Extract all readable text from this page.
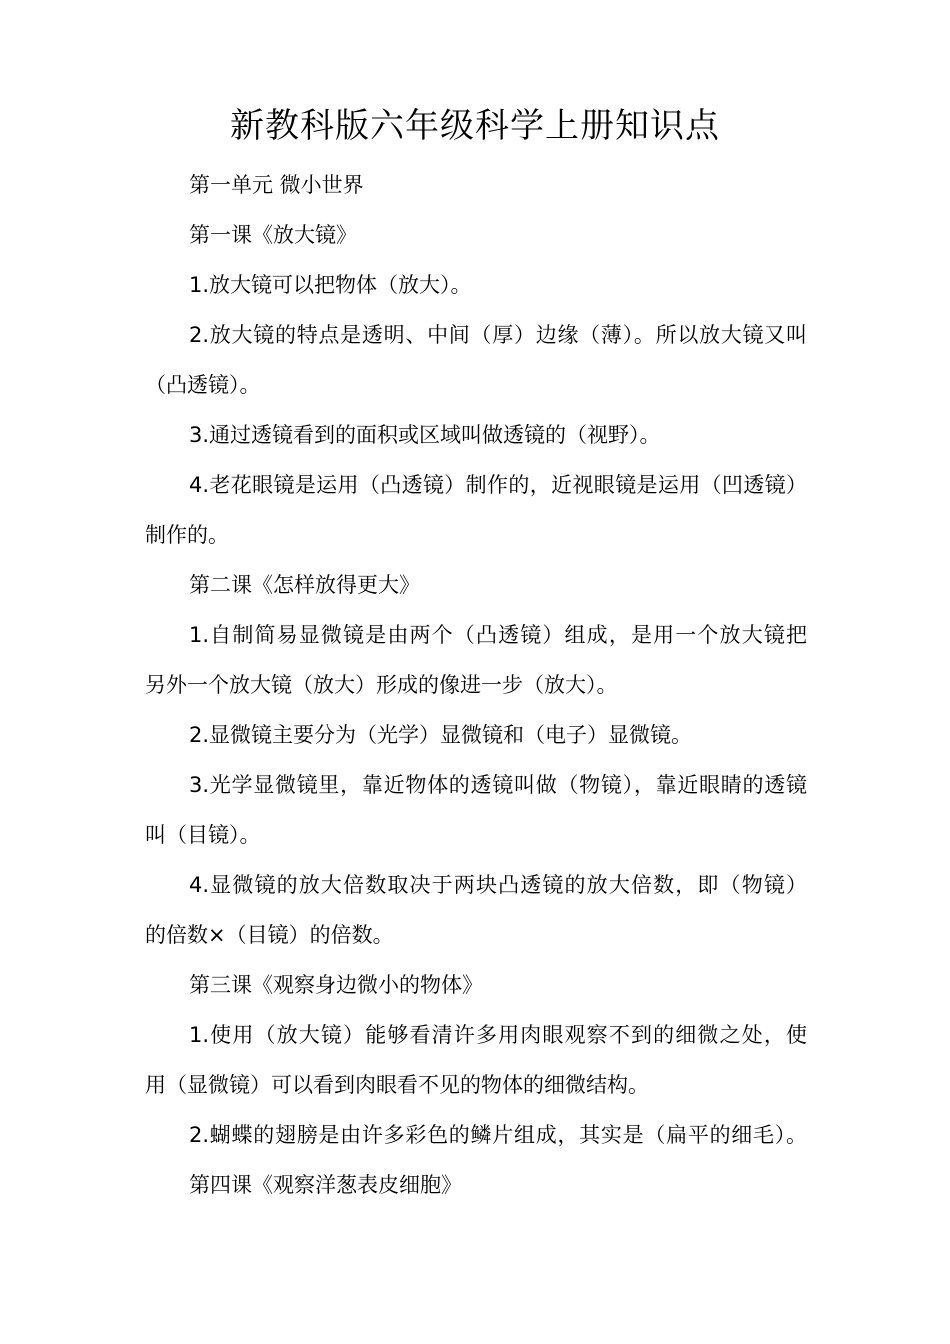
新教科版六年级科学上册知识点
第一单元 微小世界
第一课《放大镜》
1.放大镜可以把物体（放大）。
2.放大镜的特点是透明、中间（厚）边缘（薄）。所以放大镜又叫
（凸透镜）。
3.通过透镜看到的面积或区域叫做透镜的（视野）。
4.老花眼镜是运用（凸透镜）制作的，近视眼镜是运用（凹透镜）
制作的。
第二课《怎样放得更大》
1.自制简易显微镜是由两个（凸透镜）组成，是用一个放大镜把
另外一个放大镜（放大）形成的像进一步（放大）。
2.显微镜主要分为（光学）显微镜和（电子）显微镜。
3.光学显微镜里，靠近物体的透镜叫做（物镜），靠近眼睛的透镜
叫（目镜）。
4.显微镜的放大倍数取决于两块凸透镜的放大倍数，即（物镜）
的倍数×（目镜）的倍数。
第三课《观察身边微小的物体》
1.使用（放大镜）能够看清许多用肉眼观察不到的细微之处，使
用（显微镜）可以看到肉眼看不见的物体的细微结构。
2.蝴蝶的翅膀是由许多彩色的鳞片组成，其实是（扁平的细毛）。
第四课《观察洋葱表皮细胞》
